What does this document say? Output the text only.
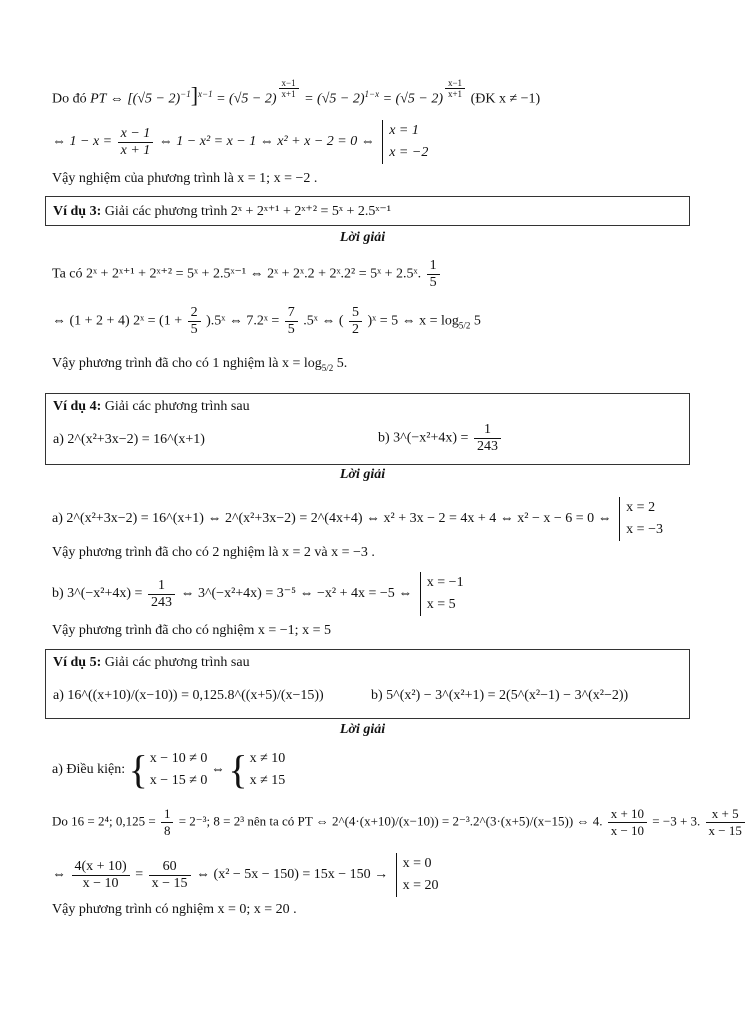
Do đó PT ⇔ $[(√5 - 2)^{-1}]^{x-1} = (√5 - 2)$
$\frac{x-1}{x+1}$
= $(√5 - 2)^{1-x} = (√5 - 2)$
$\frac{x-1}{x+1}$
(ĐK x ≠ −1)
⇔ $1 - x = \frac{x - 1}{x + 1}$ ⇔ 1 − x² = x − 1 ⇔ x² + x − 2 = 0 ⇔
x = 1
x = −2
Vậy nghiệm của phương trình là x = 1; x = −2 .
Ví dụ 3: Giải các phương trình 2ˣ + 2ˣ⁺¹ + 2ˣ⁺² = 5ˣ + 2.5ˣ⁻¹
Lời giải
Ta có 2ˣ + 2ˣ⁺¹ + 2ˣ⁺² = 5ˣ + 2.5ˣ⁻¹ ⇔ 2ˣ + 2ˣ.2 + 2ˣ.2² = 5ˣ + 2.5ˣ. $\frac{1}{5}$
⇔ (1 + 2 + 4) 2ˣ = ($1 + \frac{2}{5}$ ).5ˣ ⇔ 7.2ˣ = $\frac{7}{5}$ .5ˣ ⇔ ( $\frac{5}{2}$ )ˣ = 5 ⇔ $x = \log_{5/2} 5$
Vậy phương trình đã cho có 1 nghiệm là $x = \log_{5/2} 5$.
Ví dụ 4: Giải các phương trình sau
a) 2^(x²+3x−2) = 16^(x+1)	b) 3^(−x²+4x) = $\frac{1}{243}$
Lời giải
a) 2^(x²+3x−2) = 16^(x+1) ⇔ 2^(x²+3x−2) = 2^(4x+4) ⇔ x² + 3x − 2 = 4x + 4 ⇔ x² − x − 6 = 0 ⇔
x = 2
x = −3
Vậy phương trình đã cho có 2 nghiệm là x = 2 và x = −3 .
b) 3^(−x²+4x) = $\frac{1}{243}$ ⇔ 3^(−x²+4x) = 3⁻⁵ ⇔ −x² + 4x = −5 ⇔
x = −1
x = 5
Vậy phương trình đã cho có nghiệm x = −1; x = 5
Ví dụ 5: Giải các phương trình sau
a) 16^((x+10)/(x−10)) = 0,125.8^((x+5)/(x−15))	b) 5^(x²) − 3^(x²+1) = 2(5^(x²−1) − 3^(x²−2))
Lời giải
a) Điều kiện: { x − 10 ≠ 0
x − 15 ≠ 0
⇔ { x ≠ 10
x ≠ 15
Do 16 = 2⁴; $0,125 = \frac{1}{8} = 2^{-3}$; 8 = 2³ nên ta có PT ⇔ 2^(4·(x+10)/(x−10)) = 2⁻³.2^(3·(x+5)/(x−15)) ⇔ 4. $\frac{x + 10}{x - 10} = -3 + 3$. $\frac{x + 5}{x - 15}$
⇔ $\frac{4(x + 10)}{x - 10} = \frac{60}{x - 15}$ ⇔ (x² − 5x − 150) = 15x − 150 →
x = 0
x = 20
Vậy phương trình có nghiệm x = 0; x = 20 .
